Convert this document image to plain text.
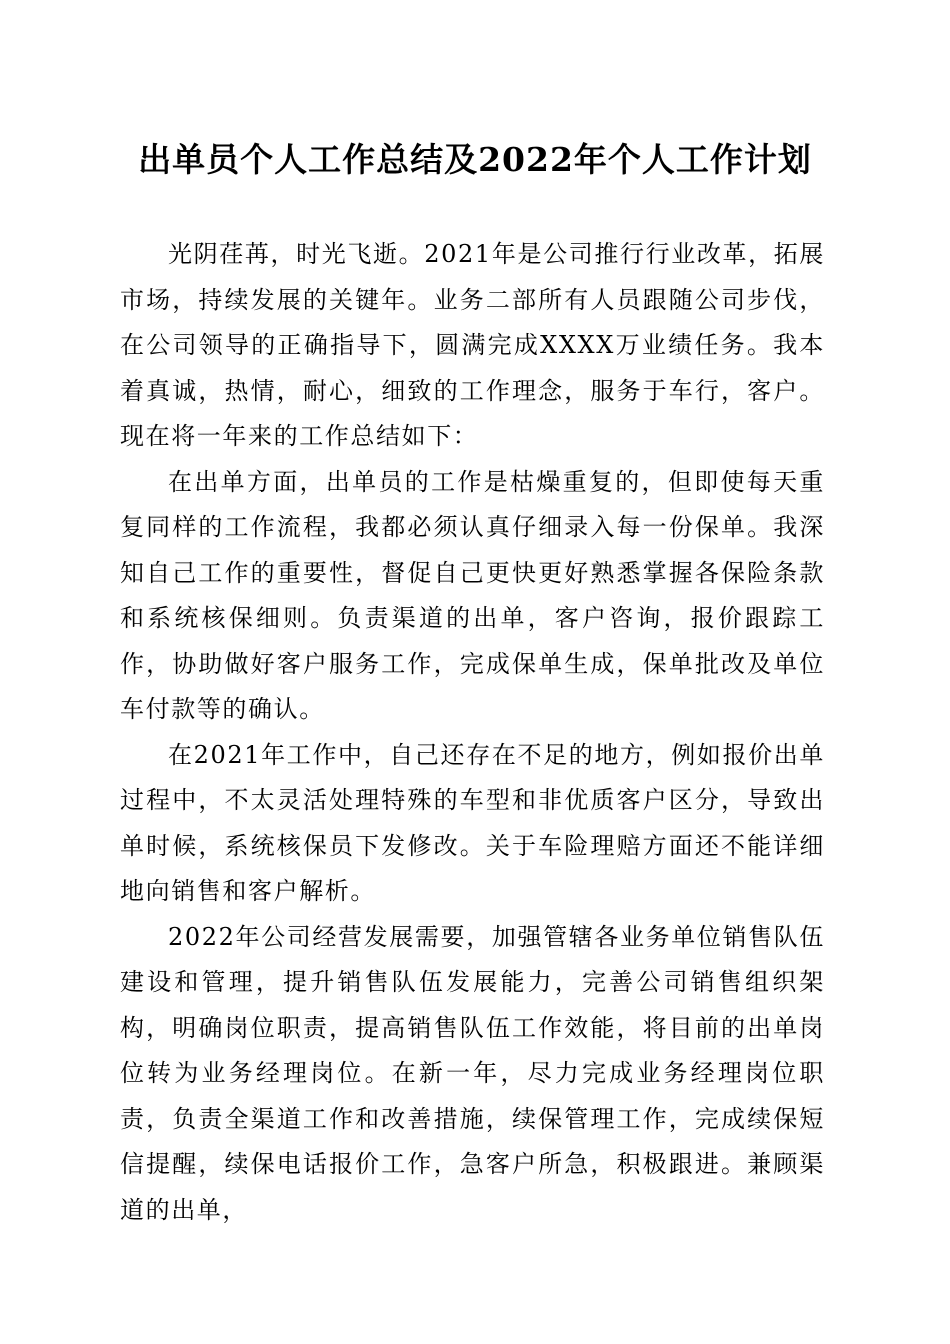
出单员个人工作总结及2022年个人工作计划

光阴荏苒，时光飞逝。2021年是公司推行行业改革，拓展市场，持续发展的关键年。业务二部所有人员跟随公司步伐，在公司领导的正确指导下，圆满完成XXXX万业绩任务。我本着真诚，热情，耐心，细致的工作理念，服务于车行，客户。现在将一年来的工作总结如下：

在出单方面，出单员的工作是枯燥重复的，但即使每天重复同样的工作流程，我都必须认真仔细录入每一份保单。我深知自己工作的重要性，督促自己更快更好熟悉掌握各保险条款和系统核保细则。负责渠道的出单，客户咨询，报价跟踪工作，协助做好客户服务工作，完成保单生成，保单批改及单位车付款等的确认。

在2021年工作中，自己还存在不足的地方，例如报价出单过程中，不太灵活处理特殊的车型和非优质客户区分，导致出单时候，系统核保员下发修改。关于车险理赔方面还不能详细地向销售和客户解析。

2022年公司经营发展需要，加强管辖各业务单位销售队伍建设和管理，提升销售队伍发展能力，完善公司销售组织架构，明确岗位职责，提高销售队伍工作效能，将目前的出单岗位转为业务经理岗位。在新一年，尽力完成业务经理岗位职责，负责全渠道工作和改善措施，续保管理工作，完成续保短信提醒，续保电话报价工作，急客户所急，积极跟进。兼顾渠道的出单，
